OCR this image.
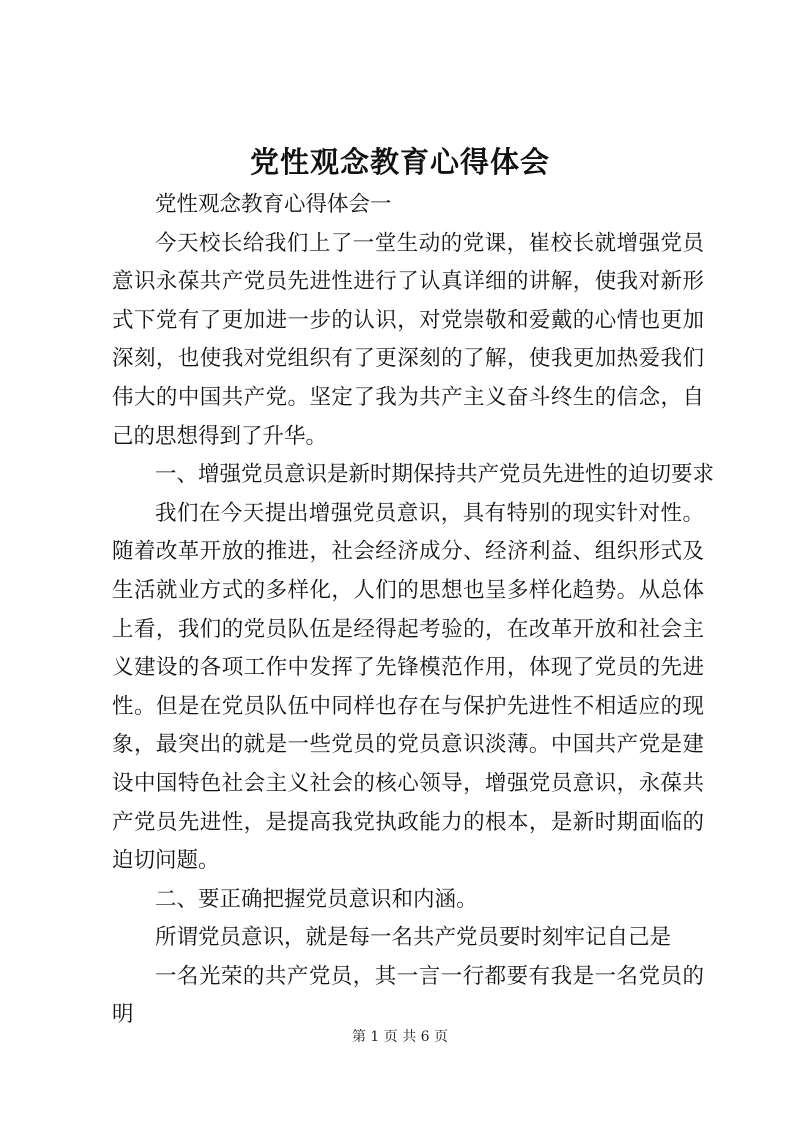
党性观念教育心得体会

党性观念教育心得体会一

今天校长给我们上了一堂生动的党课，崔校长就增强党员意识永葆共产党员先进性进行了认真详细的讲解，使我对新形式下党有了更加进一步的认识，对党崇敬和爱戴的心情也更加深刻，也使我对党组织有了更深刻的了解，使我更加热爱我们伟大的中国共产党。坚定了我为共产主义奋斗终生的信念，自己的思想得到了升华。

一、增强党员意识是新时期保持共产党员先进性的迫切要求

我们在今天提出增强党员意识，具有特别的现实针对性。随着改革开放的推进，社会经济成分、经济利益、组织形式及生活就业方式的多样化，人们的思想也呈多样化趋势。从总体上看，我们的党员队伍是经得起考验的，在改革开放和社会主义建设的各项工作中发挥了先锋模范作用，体现了党员的先进性。但是在党员队伍中同样也存在与保护先进性不相适应的现象，最突出的就是一些党员的党员意识淡薄。中国共产党是建设中国特色社会主义社会的核心领导，增强党员意识，永葆共产党员先进性，是提高我党执政能力的根本，是新时期面临的迫切问题。

二、要正确把握党员意识和内涵。

所谓党员意识，就是每一名共产党员要时刻牢记自己是

一名光荣的共产党员，其一言一行都要有我是一名党员的明

第 1 页 共 6 页
